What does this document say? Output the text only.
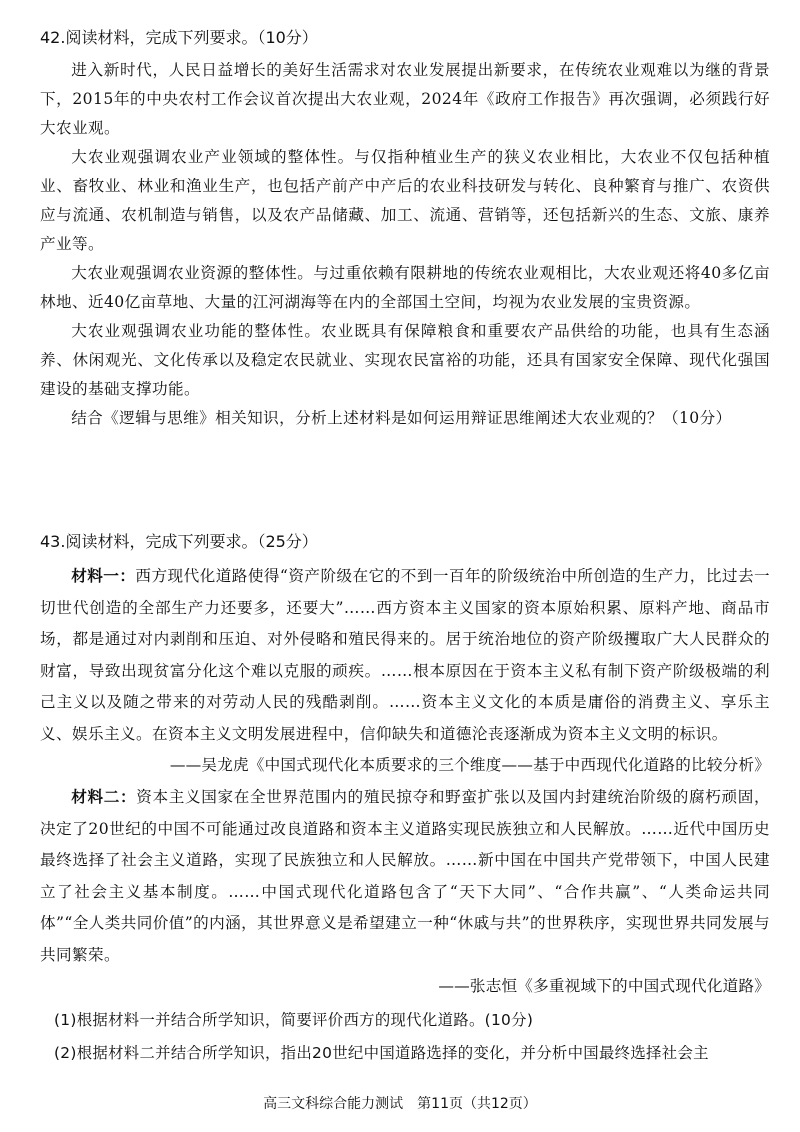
42.阅读材料，完成下列要求。（10分）

进入新时代，人民日益增长的美好生活需求对农业发展提出新要求，在传统农业观难以为继的背景下，2015年的中央农村工作会议首次提出大农业观，2024年《政府工作报告》再次强调，必须践行好大农业观。

大农业观强调农业产业领域的整体性。与仅指种植业生产的狭义农业相比，大农业不仅包括种植业、畜牧业、林业和渔业生产，也包括产前产中产后的农业科技研发与转化、良种繁育与推广、农资供应与流通、农机制造与销售，以及农产品储藏、加工、流通、营销等，还包括新兴的生态、文旅、康养产业等。

大农业观强调农业资源的整体性。与过重依赖有限耕地的传统农业观相比，大农业观还将40多亿亩林地、近40亿亩草地、大量的江河湖海等在内的全部国土空间，均视为农业发展的宝贵资源。

大农业观强调农业功能的整体性。农业既具有保障粮食和重要农产品供给的功能，也具有生态涵养、休闲观光、文化传承以及稳定农民就业、实现农民富裕的功能，还具有国家安全保障、现代化强国建设的基础支撑功能。

结合《逻辑与思维》相关知识，分析上述材料是如何运用辩证思维阐述大农业观的？（10分）

43.阅读材料，完成下列要求。（25分）

材料一：西方现代化道路使得“资产阶级在它的不到一百年的阶级统治中所创造的生产力，比过去一切世代创造的全部生产力还要多，还要大”……西方资本主义国家的资本原始积累、原料产地、商品市场，都是通过对内剥削和压迫、对外侵略和殖民得来的。居于统治地位的资产阶级攫取广大人民群众的财富，导致出现贫富分化这个难以克服的顽疾。……根本原因在于资本主义私有制下资产阶级极端的利己主义以及随之带来的对劳动人民的残酷剥削。……资本主义文化的本质是庸俗的消费主义、享乐主义、娱乐主义。在资本主义文明发展进程中，信仰缺失和道德沦丧逐渐成为资本主义文明的标识。

——吴龙虎《中国式现代化本质要求的三个维度——基于中西现代化道路的比较分析》

材料二：资本主义国家在全世界范围内的殖民掠夺和野蛮扩张以及国内封建统治阶级的腐朽顽固，决定了20世纪的中国不可能通过改良道路和资本主义道路实现民族独立和人民解放。……近代中国历史最终选择了社会主义道路，实现了民族独立和人民解放。……新中国在中国共产党带领下，中国人民建立了社会主义基本制度。……中国式现代化道路包含了“天下大同”、“合作共赢”、“人类命运共同体”“全人类共同价值”的内涵，其世界意义是希望建立一种“休戚与共”的世界秩序，实现世界共同发展与共同繁荣。

——张志恒《多重视域下的中国式现代化道路》

(1)根据材料一并结合所学知识，简要评价西方的现代化道路。(10分)

(2)根据材料二并结合所学知识，指出20世纪中国道路选择的变化，并分析中国最终选择社会主

高三文科综合能力测试　第11页（共12页）
